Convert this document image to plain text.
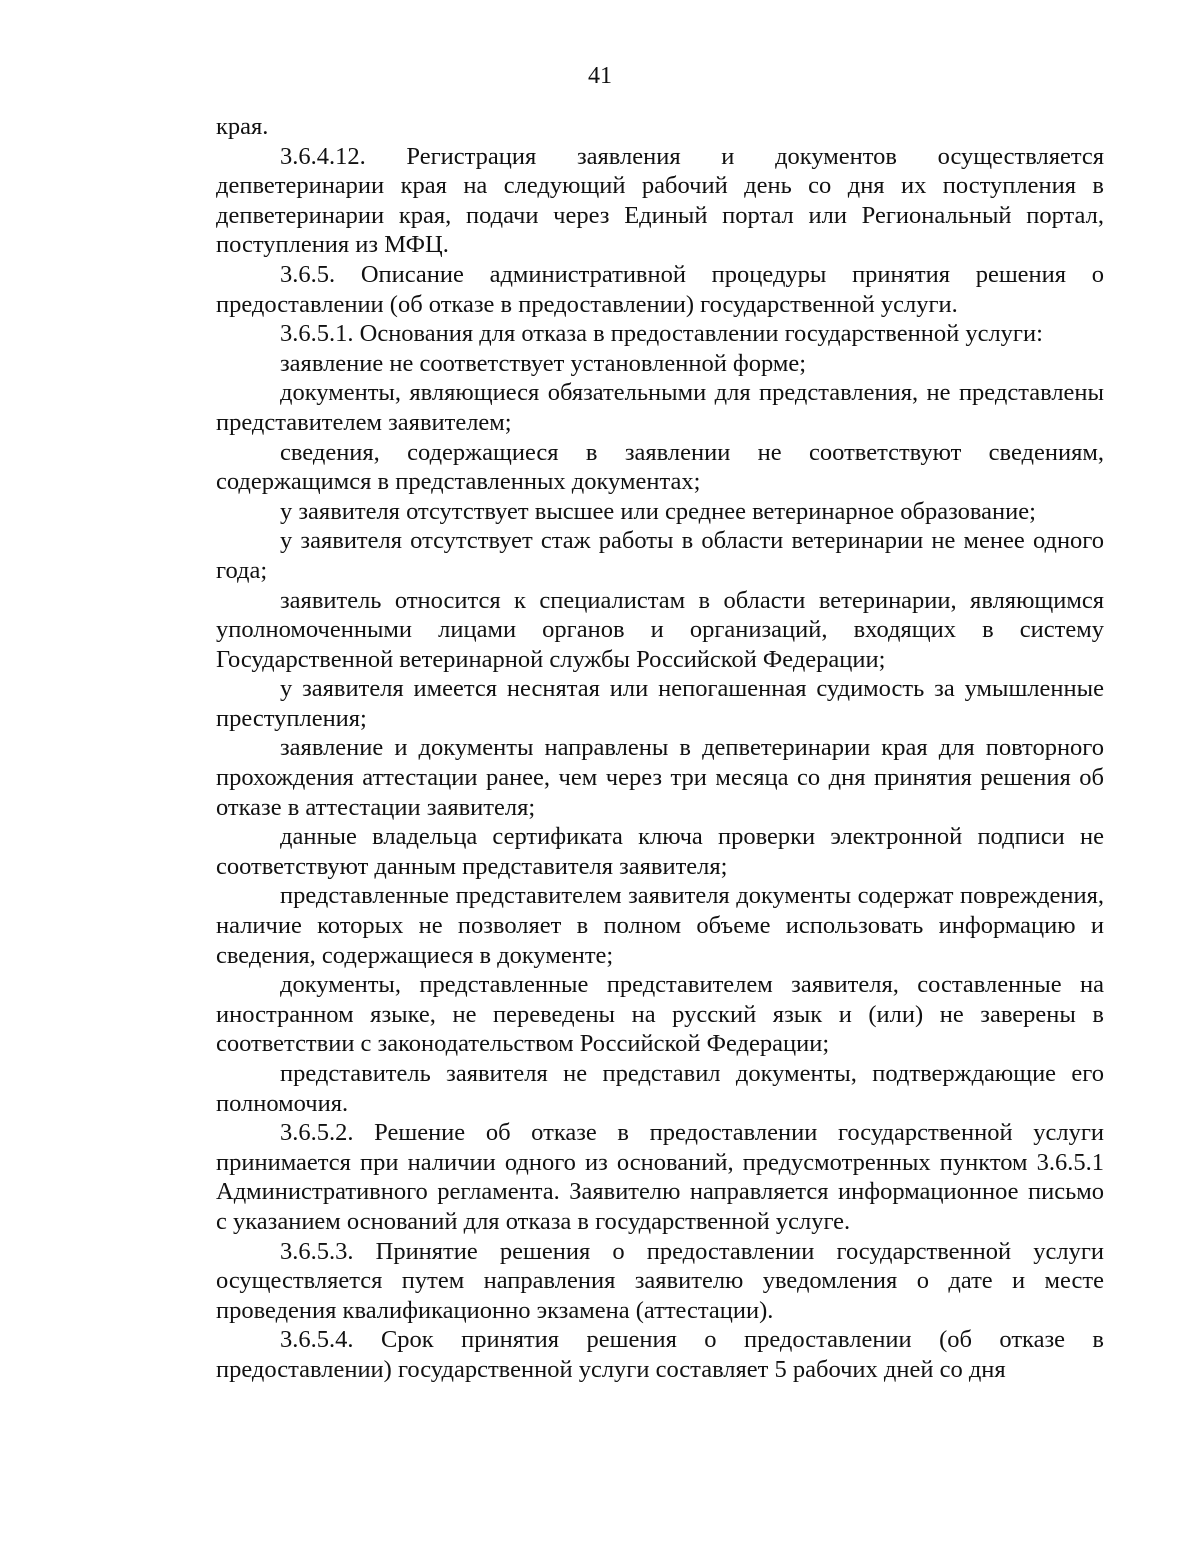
41

края.

3.6.4.12. Регистрация заявления и документов осуществляется депветеринарии края на следующий рабочий день со дня их поступления в депветеринарии края, подачи через Единый портал или Региональный портал, поступления из МФЦ.

3.6.5. Описание административной процедуры принятия решения о предоставлении (об отказе в предоставлении) государственной услуги.

3.6.5.1. Основания для отказа в предоставлении государственной услуги:

заявление не соответствует установленной форме;

документы, являющиеся обязательными для представления, не представлены представителем заявителем;

сведения, содержащиеся в заявлении не соответствуют сведениям, содержащимся в представленных документах;

у заявителя отсутствует высшее или среднее ветеринарное образование;

у заявителя отсутствует стаж работы в области ветеринарии не менее одного года;

заявитель относится к специалистам в области ветеринарии, являющимся уполномоченными лицами органов и организаций, входящих в систему Государственной ветеринарной службы Российской Федерации;

у заявителя имеется неснятая или непогашенная судимость за умышленные преступления;

заявление и документы направлены в депветеринарии края для повторного прохождения аттестации ранее, чем через три месяца со дня принятия решения об отказе в аттестации заявителя;

данные владельца сертификата ключа проверки электронной подписи не соответствуют данным представителя заявителя;

представленные представителем заявителя документы содержат повреждения, наличие которых не позволяет в полном объеме использовать информацию и сведения, содержащиеся в документе;

документы, представленные представителем заявителя, составленные на иностранном языке, не переведены на русский язык и (или) не заверены в соответствии с законодательством Российской Федерации;

представитель заявителя не представил документы, подтверждающие его полномочия.

3.6.5.2. Решение об отказе в предоставлении государственной услуги принимается при наличии одного из оснований, предусмотренных пунктом 3.6.5.1 Административного регламента. Заявителю направляется информационное письмо с указанием оснований для отказа в государственной услуге.

3.6.5.3. Принятие решения о предоставлении государственной услуги осуществляется путем направления заявителю уведомления о дате и месте проведения квалификационно экзамена (аттестации).

3.6.5.4. Срок принятия решения о предоставлении (об отказе в предоставлении) государственной услуги составляет 5 рабочих дней со дня
